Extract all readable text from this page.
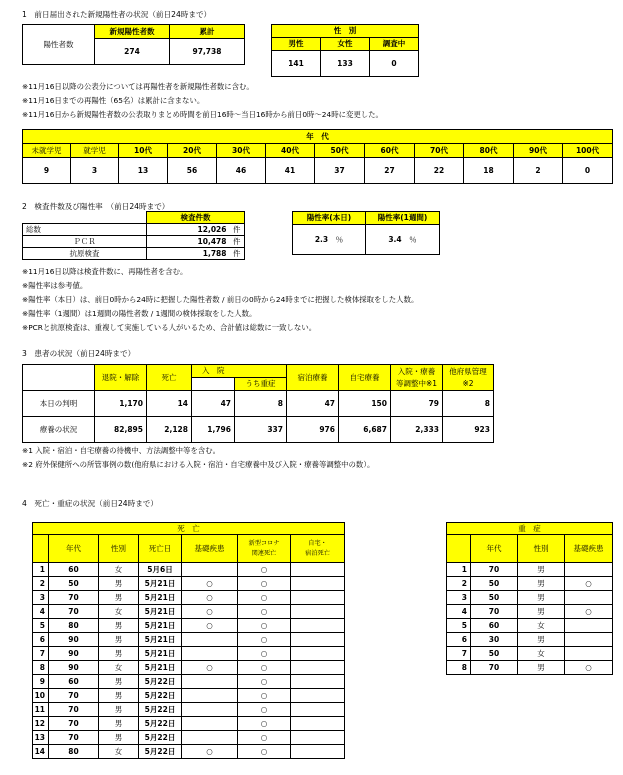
1　前日届出された新規陽性者の状況（前日24時まで）
陽性者数	新規陽性者数	累計
	274	97,738
性　別		
男性	女性	調査中
141	133	0
※11月16日以降の公表分については再陽性者を新規陽性者数に含む。
※11月16日までの再陽性（65名）は累計に含まない。
※11月16日から新規陽性者数の公表取りまとめ時間を前日16時～当日16時から前日0時～24時に変更した。
年　代											
未就学児	就学児	10代	20代	30代	40代	50代	60代	70代	80代	90代	100代
9	3	13	56	46	41	37	27	22	18	2	0
2　検査件数及び陽性率　（前日24時まで）
	検査件数	
総数	12,026	件
ＰＣＲ	10,478	件
抗原検査	1,788	件
陽性率(本日)	陽性率(1週間)
2.3　 ％	3.4　 ％
※11月16日以降は検査件数に、再陽性者を含む。
※陽性率は参考値。
※陽性率（本日）は、前日0時から24時に把握した陽性者数 / 前日の0時から24時までに把握した検体採取をした人数。
※陽性率（1週間）は1週間の陽性者数 / 1週間の検体採取をした人数。
※PCRと抗原検査は、重複して実施している人がいるため、合計値は総数に一致しない。
3　患者の状況（前日24時まで）
	退院・解除	死亡	入　院		宿泊療養	自宅療養	入院・療養	他府県管理
				うち重症			等調整中※1	※2
本日の判明	1,170	14	47	8	47	150	79	8
療養の状況	82,895	2,128	1,796	337	976	6,687	2,333	923
※1 入院・宿泊・自宅療養の待機中、方法調整中等を含む。
※2 府外保健所への所管事例の数(他府県における入院・宿泊・自宅療養中及び入院・療養等調整中の数）。
4　死亡・重症の状況（前日24時まで）
死　亡						
	年代	性別	死亡日	基礎疾患	新型コロナ
関連死亡	自宅・
宿泊死亡
1	60	女	5月6日		○	
2	50	男	5月21日	○	○	
3	70	男	5月21日	○	○	
4	70	女	5月21日	○	○	
5	80	男	5月21日	○	○	
6	90	男	5月21日		○	
7	90	男	5月21日		○	
8	90	女	5月21日	○	○	
9	60	男	5月22日		○	
10	70	男	5月22日		○	
11	70	男	5月22日		○	
12	70	男	5月22日		○	
13	70	男	5月22日		○	
14	80	女	5月22日	○	○	
重　症			
	年代	性別	基礎疾患
1	70	男	
2	50	男	○
3	50	男	
4	70	男	○
5	60	女	
6	30	男	
7	50	女	
8	70	男	○
